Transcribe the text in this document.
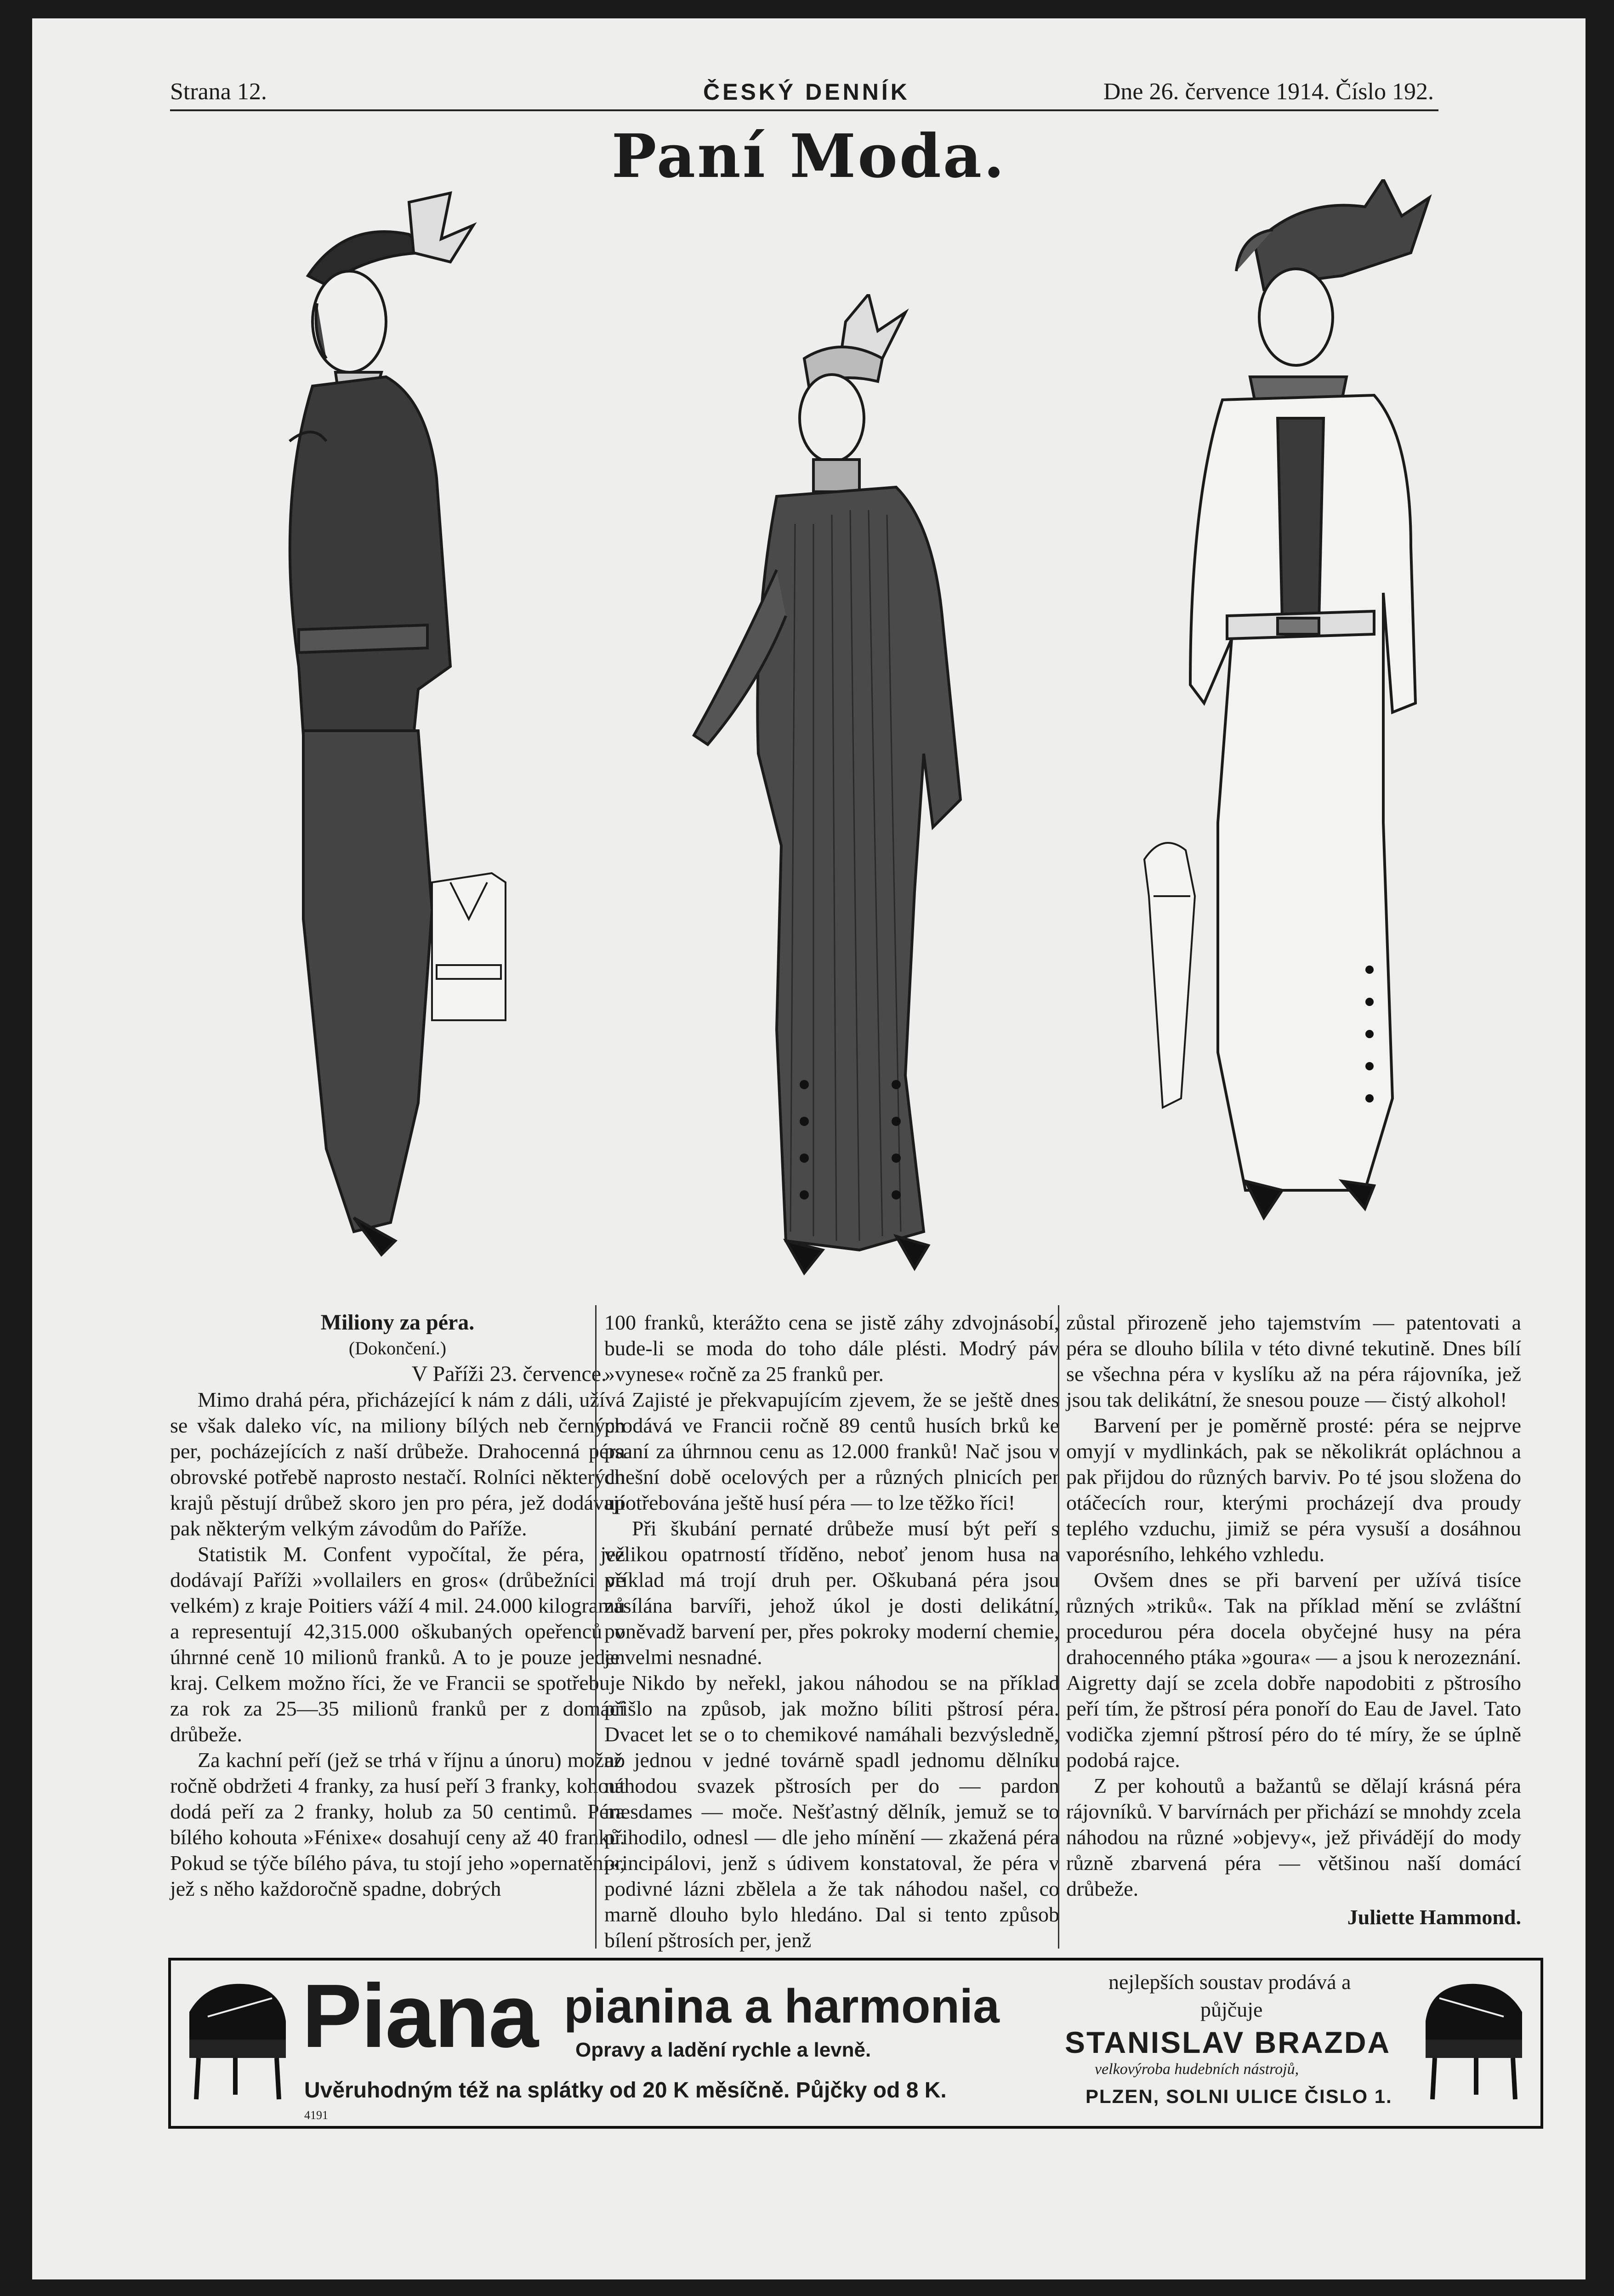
Strana 12.	ČESKÝ DENNÍK	Dne 26. července 1914. Číslo 192.
Paní Moda.

Miliony za péra.

(Dokončení.)

V Paříži 23. července.

Mimo drahá péra, přicházející k nám z dáli, užívá se však daleko víc, na miliony bílých neb černých per, pocházejících z naší drůbeže. Drahocenná péra obrovské potřebě naprosto nestačí. Rolníci některých krajů pěstují drůbež skoro jen pro péra, jež dodávají pak některým velkým závodům do Paříže.

Statistik M. Confent vypočítal, že péra, jež dodávají Paříži »vollailers en gros« (drůbežníci ve velkém) z kraje Poitiers váží 4 mil. 24.000 kilogramů a representují 42,315.000 oškubaných opeřenců v úhrnné ceně 10 milionů franků. A to je pouze jeden kraj. Celkem možno říci, že ve Francii se spotřebuje za rok za 25—35 milionů franků per z domácí drůbeže.

Za kachní peří (jež se trhá v říjnu a únoru) možno ročně obdržeti 4 franky, za husí peří 3 franky, kohout dodá peří za 2 franky, holub za 50 centimů. Péra bílého kohouta »Fénixe« dosahují ceny až 40 franků. Pokud se týče bílého páva, tu stojí jeho »opernatění«, jež s něho každoročně spadne, dobrých

100 franků, kterážto cena se jistě záhy zdvojnásobí, bude-li se moda do toho dále plésti. Modrý páv »vynese« ročně za 25 franků per.

Zajisté je překvapujícím zjevem, že se ještě dnes prodává ve Francii ročně 89 centů husích brků ke psaní za úhrnnou cenu as 12.000 franků! Nač jsou v dnešní době ocelových per a různých plnicích per upotřebována ještě husí péra — to lze těžko říci!

Při škubání pernaté drůbeže musí být peří s velikou opatrností tříděno, neboť jenom husa na příklad má trojí druh per. Oškubaná péra jsou zasílána barvíři, jehož úkol je dosti delikátní, poněvadž barvení per, přes pokroky moderní chemie, je velmi nesnadné.

Nikdo by neřekl, jakou náhodou se na příklad přišlo na způsob, jak možno bíliti pštrosí péra. Dvacet let se o to chemikové namáhali bezvýsledně, až jednou v jedné továrně spadl jednomu dělníku náhodou svazek pštrosích per do — pardon mesdames — moče. Nešťastný dělník, jemuž se to přihodilo, odnesl — dle jeho mínění — zkažená péra principálovi, jenž s údivem konstatoval, že péra v podivné lázni zbělela a že tak náhodou našel, co marně dlouho bylo hledáno. Dal si tento způsob bílení pštrosích per, jenž

zůstal přirozeně jeho tajemstvím — patentovati a péra se dlouho bílila v této divné tekutině. Dnes bílí se všechna péra v kyslíku až na péra rájovníka, jež jsou tak delikátní, že snesou pouze — čistý alkohol!

Barvení per je poměrně prosté: péra se nejprve omyjí v mydlinkách, pak se několikrát opláchnou a pak přijdou do různých barviv. Po té jsou složena do otáčecích rour, kterými procházejí dva proudy teplého vzduchu, jimiž se péra vysuší a dosáhnou vaporésního, lehkého vzhledu.

Ovšem dnes se při barvení per užívá tisíce různých »triků«. Tak na příklad mění se zvláštní procedurou péra docela obyčejné husy na péra drahocenného ptáka »goura« — a jsou k nerozeznání. Aigretty dají se zcela dobře napodobiti z pštrosího peří tím, že pštrosí péra ponoří do Eau de Javel. Tato vodička zjemní pštrosí péro do té míry, že se úplně podobá rajce.

Z per kohoutů a bažantů se dělají krásná péra rájovníků. V barvírnách per přichází se mnohdy zcela náhodou na různé »objevy«, jež přivádějí do mody různě zbarvená péra — většinou naší domácí drůbeže.

Juliette Hammond.

Piana pianina a harmonia
Opravy a ladění rychle a levně.
Uvěruhodným též na splátky od 20 K měsíčně. Půjčky od 8 K.
4191
nejlepších soustav prodává a
půjčuje
STANISLAV BRAZDA
velkovýroba hudebních nástrojů,
PLZEN, SOLNI ULICE ČISLO 1.
